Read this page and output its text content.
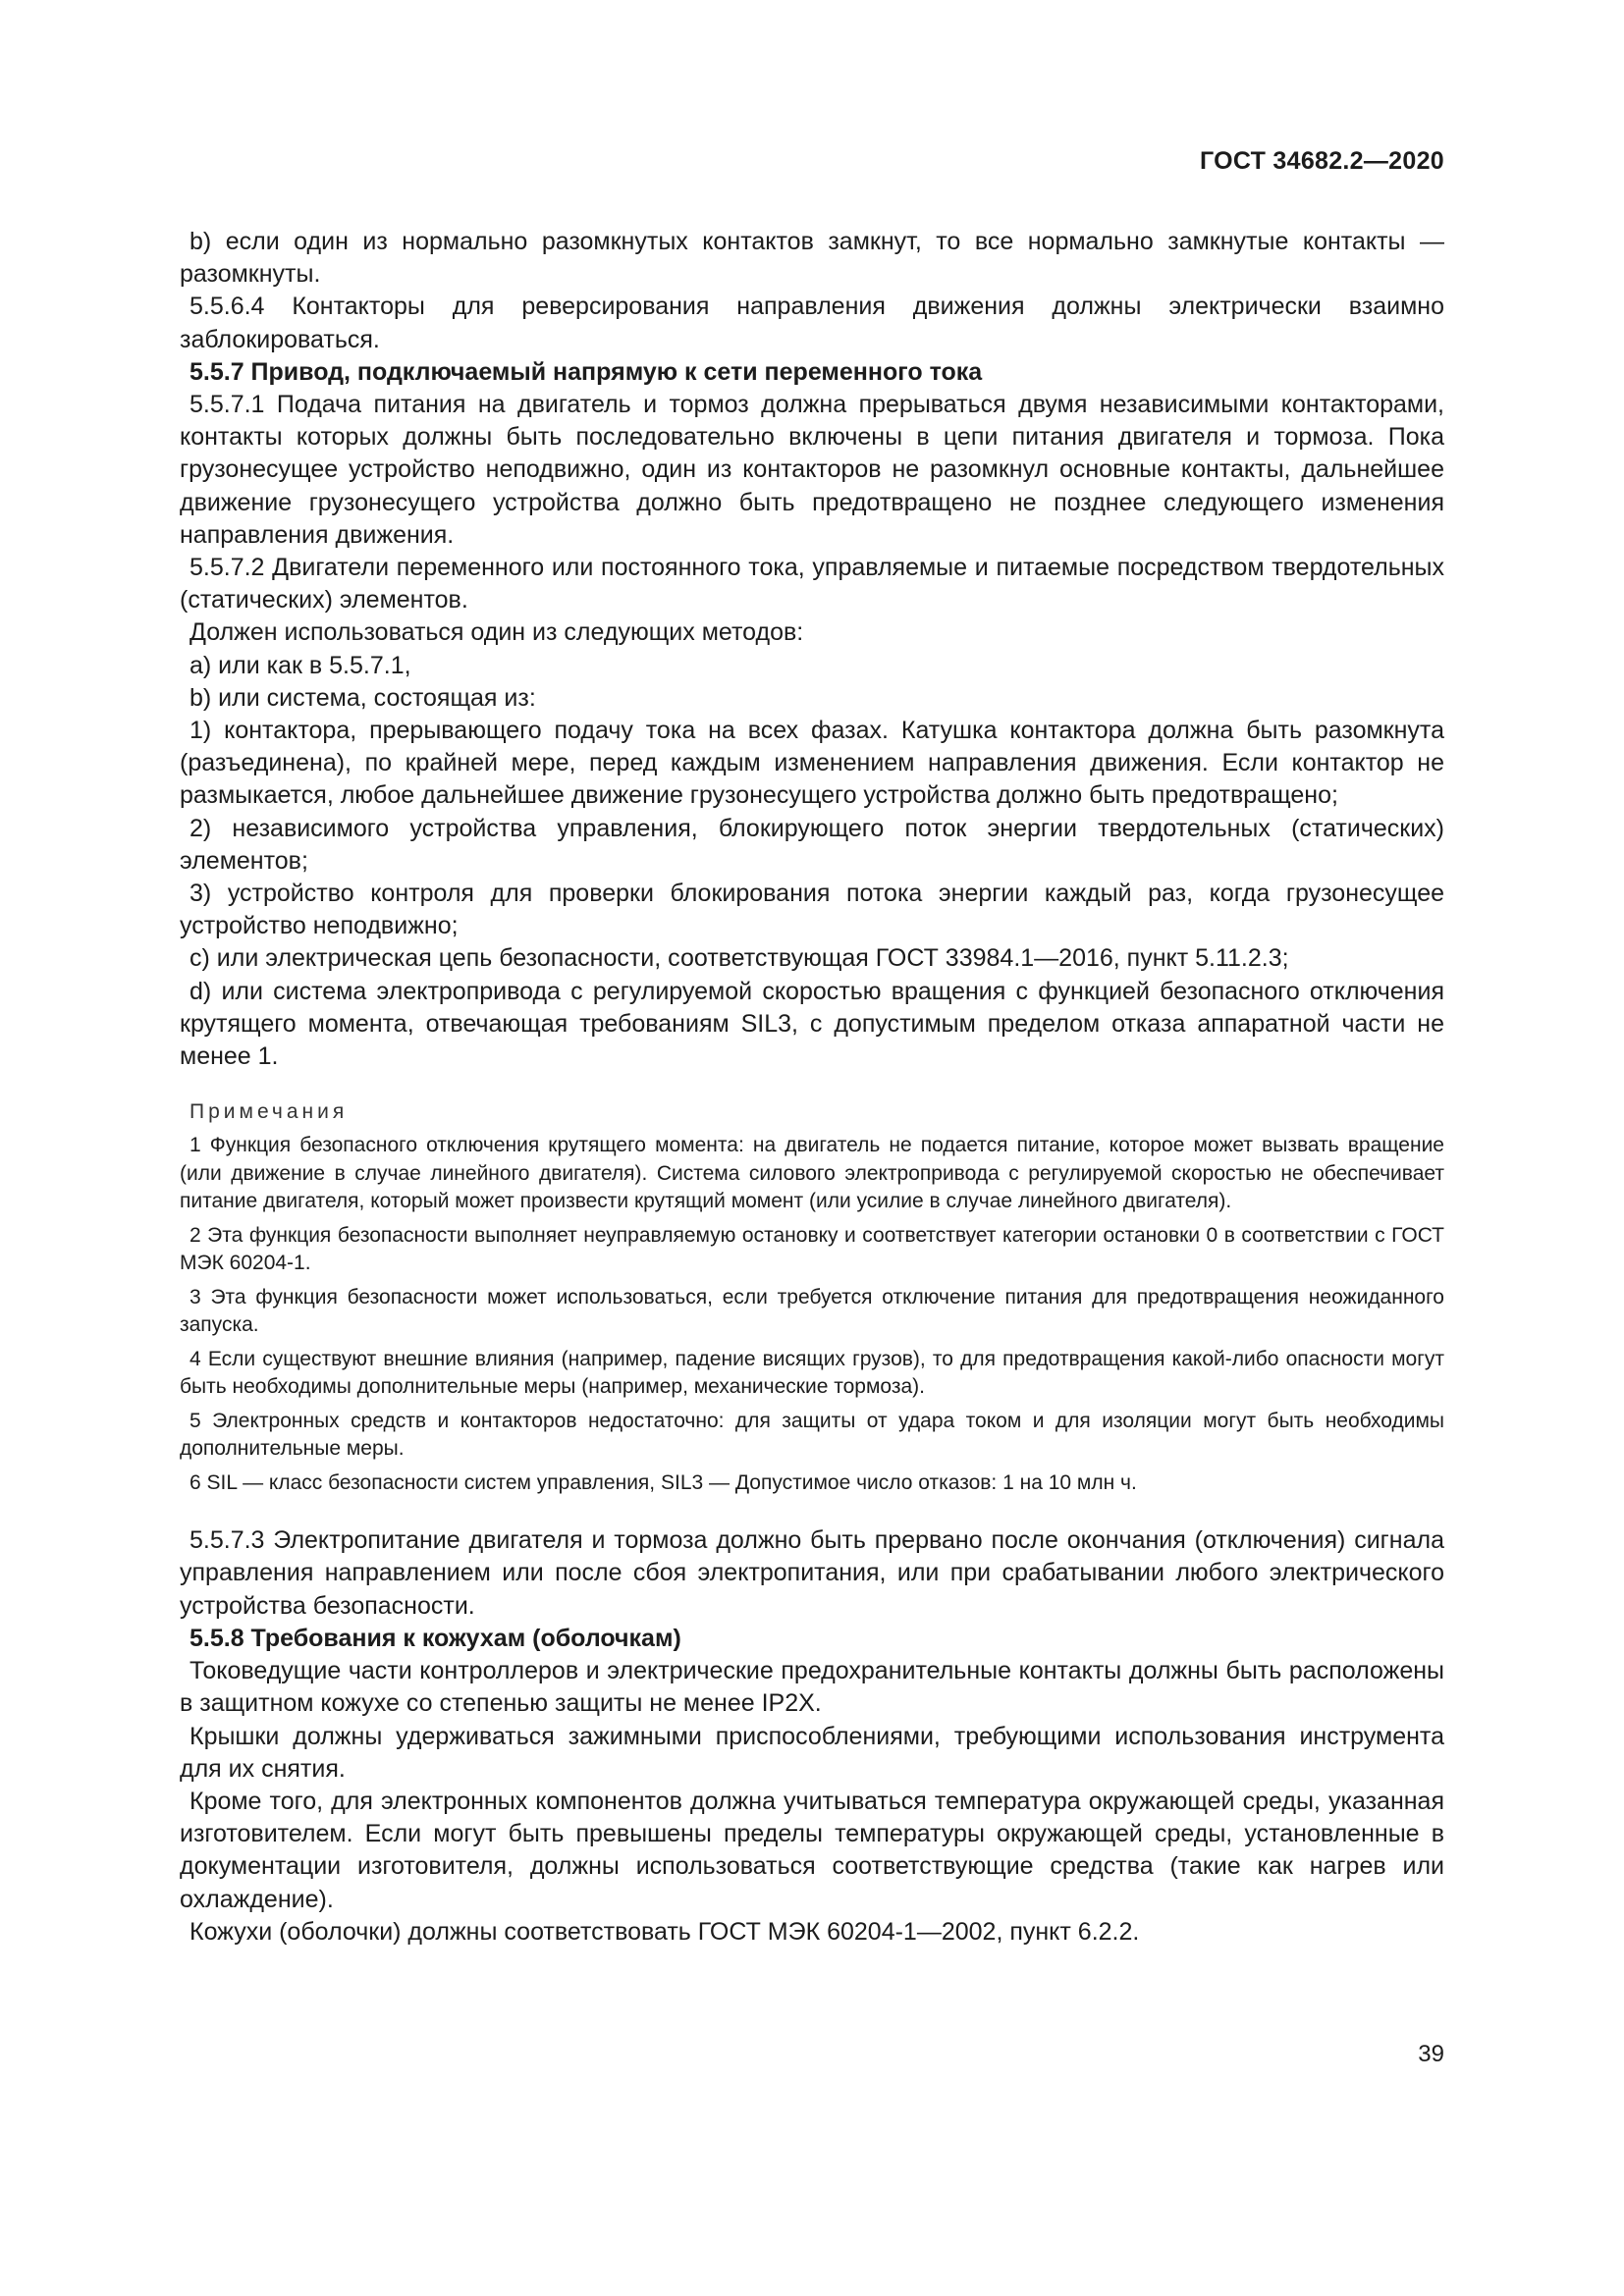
ГОСТ 34682.2—2020

b) если один из нормально разомкнутых контактов замкнут, то все нормально замкнутые контакты — разомкнуты.

5.5.6.4 Контакторы для реверсирования направления движения должны электрически взаимно заблокироваться.

5.5.7 Привод, подключаемый напрямую к сети переменного тока

5.5.7.1 Подача питания на двигатель и тормоз должна прерываться двумя независимыми контакторами, контакты которых должны быть последовательно включены в цепи питания двигателя и тормоза. Пока грузонесущее устройство неподвижно, один из контакторов не разомкнул основные контакты, дальнейшее движение грузонесущего устройства должно быть предотвращено не позднее следующего изменения направления движения.

5.5.7.2 Двигатели переменного или постоянного тока, управляемые и питаемые посредством твердотельных (статических) элементов.

Должен использоваться один из следующих методов:

a) или как в 5.5.7.1,

b) или система, состоящая из:

1) контактора, прерывающего подачу тока на всех фазах. Катушка контактора должна быть разомкнута (разъединена), по крайней мере, перед каждым изменением направления движения. Если контактор не размыкается, любое дальнейшее движение грузонесущего устройства должно быть предотвращено;

2) независимого устройства управления, блокирующего поток энергии твердотельных (статических) элементов;

3) устройство контроля для проверки блокирования потока энергии каждый раз, когда грузонесущее устройство неподвижно;

c) или электрическая цепь безопасности, соответствующая ГОСТ 33984.1—2016, пункт 5.11.2.3;

d) или система электропривода с регулируемой скоростью вращения с функцией безопасного отключения крутящего момента, отвечающая требованиям SIL3, с допустимым пределом отказа аппаратной части не менее 1.

Примечания

1 Функция безопасного отключения крутящего момента: на двигатель не подается питание, которое может вызвать вращение (или движение в случае линейного двигателя). Система силового электропривода с регулируемой скоростью не обеспечивает питание двигателя, который может произвести крутящий момент (или усилие в случае линейного двигателя).

2 Эта функция безопасности выполняет неуправляемую остановку и соответствует категории остановки 0 в соответствии с ГОСТ МЭК 60204-1.

3 Эта функция безопасности может использоваться, если требуется отключение питания для предотвращения неожиданного запуска.

4 Если существуют внешние влияния (например, падение висящих грузов), то для предотвращения какой-либо опасности могут быть необходимы дополнительные меры (например, механические тормоза).

5 Электронных средств и контакторов недостаточно: для защиты от удара током и для изоляции могут быть необходимы дополнительные меры.

6 SIL — класс безопасности систем управления, SIL3 — Допустимое число отказов: 1 на 10 млн ч.

5.5.7.3 Электропитание двигателя и тормоза должно быть прервано после окончания (отключения) сигнала управления направлением или после сбоя электропитания, или при срабатывании любого электрического устройства безопасности.

5.5.8 Требования к кожухам (оболочкам)

Токоведущие части контроллеров и электрические предохранительные контакты должны быть расположены в защитном кожухе со степенью защиты не менее IP2X.

Крышки должны удерживаться зажимными приспособлениями, требующими использования инструмента для их снятия.

Кроме того, для электронных компонентов должна учитываться температура окружающей среды, указанная изготовителем. Если могут быть превышены пределы температуры окружающей среды, установленные в документации изготовителя, должны использоваться соответствующие средства (такие как нагрев или охлаждение).

Кожухи (оболочки) должны соответствовать ГОСТ МЭК 60204-1—2002, пункт 6.2.2.

39
